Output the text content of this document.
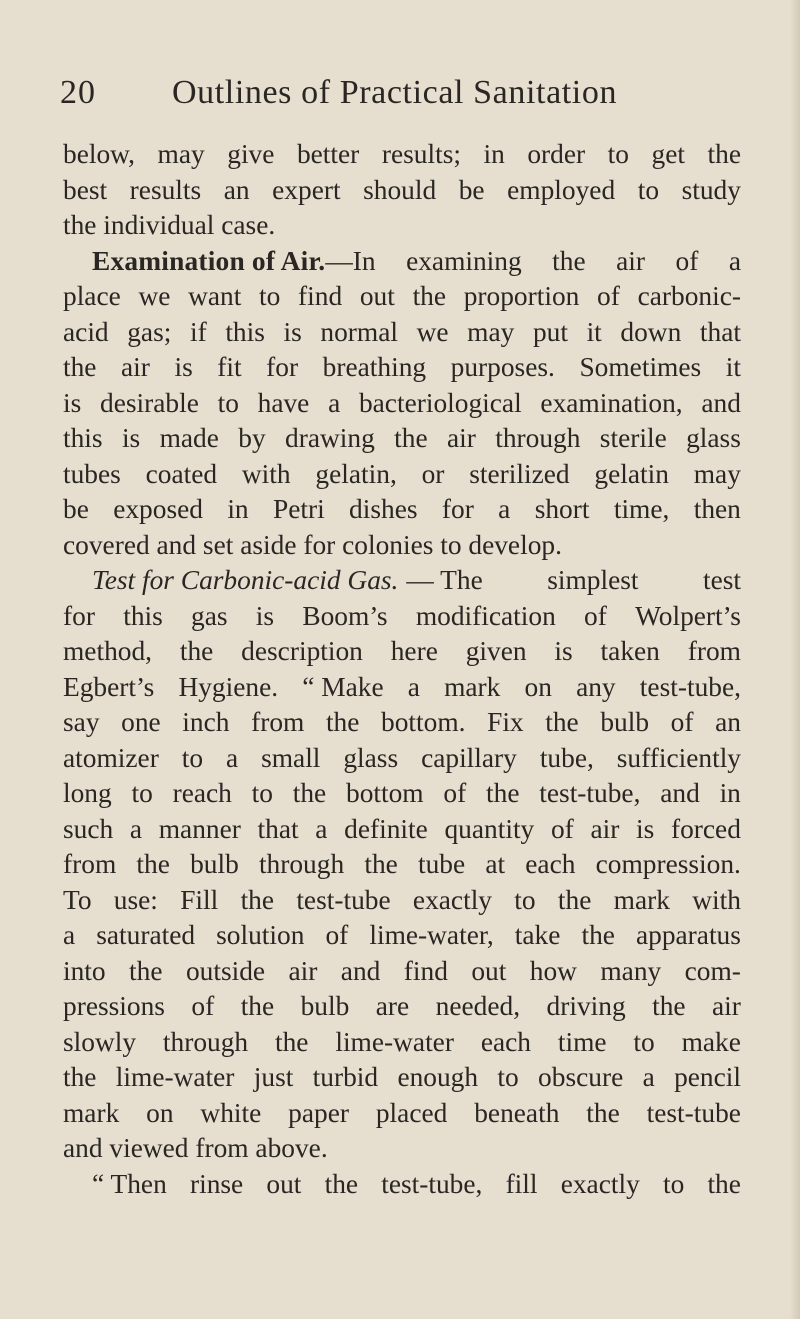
20 Outlines of Practical Sanitation
below, may give better results; in order to get the
best results an expert should be employed to study
the individual case.
Examination of Air. —In examining the air of a
place we want to find out the proportion of carbonic-
acid gas; if this is normal we may put it down that
the air is fit for breathing purposes. Sometimes it
is desirable to have a bacteriological examination, and
this is made by drawing the air through sterile glass
tubes coated with gelatin, or sterilized gelatin may
be exposed in Petri dishes for a short time, then
covered and set aside for colonies to develop.
Test for Carbonic-acid Gas. — The simplest test
for this gas is Boom’s modification of Wolpert’s
method, the description here given is taken from
Egbert’s Hygiene. “ Make a mark on any test-tube,
say one inch from the bottom. Fix the bulb of an
atomizer to a small glass capillary tube, sufficiently
long to reach to the bottom of the test-tube, and in
such a manner that a definite quantity of air is forced
from the bulb through the tube at each compression.
To use: Fill the test-tube exactly to the mark with
a saturated solution of lime-water, take the apparatus
into the outside air and find out how many com-
pressions of the bulb are needed, driving the air
slowly through the lime-water each time to make
the lime-water just turbid enough to obscure a pencil
mark on white paper placed beneath the test-tube
and viewed from above.
“ Then rinse out the test-tube, fill exactly to the
